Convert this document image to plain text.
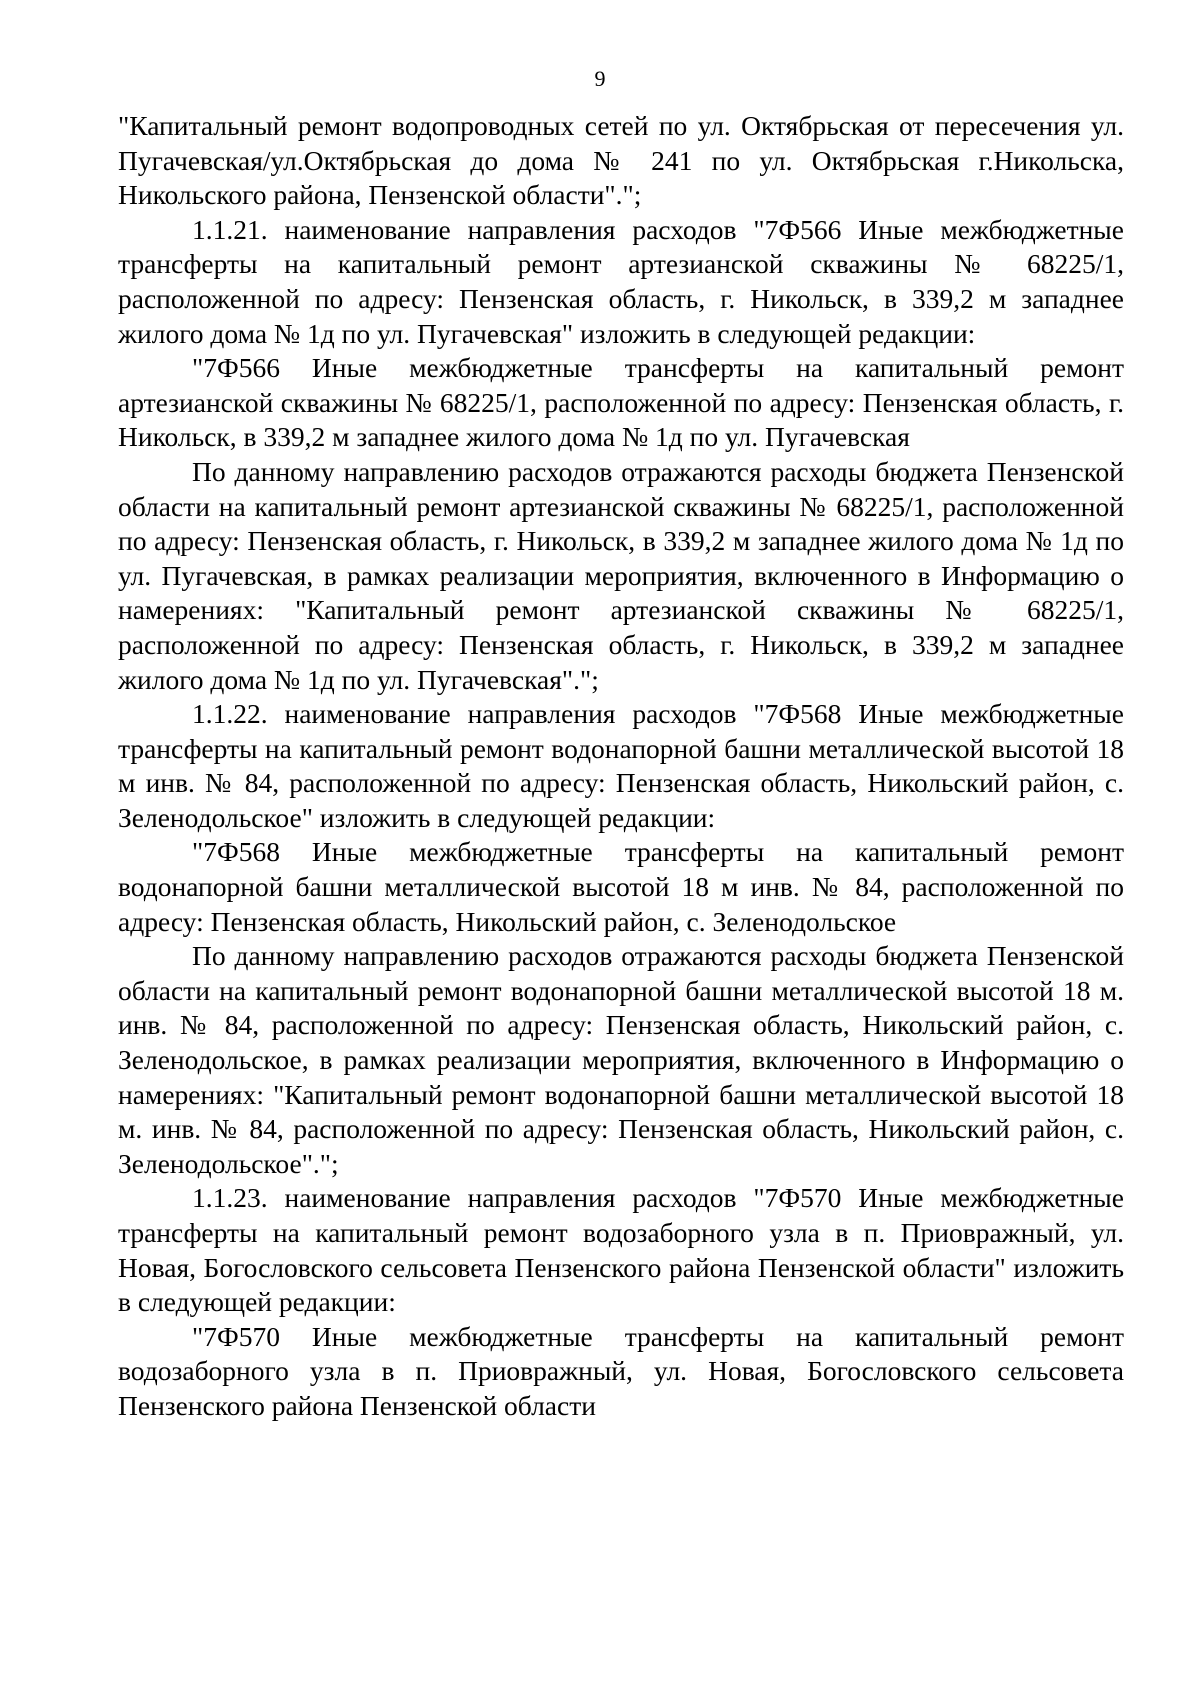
9

"Капитальный ремонт водопроводных сетей по ул. Октябрьская от пересечения ул. Пугачевская/ул.Октябрьская до дома № 241 по ул. Октябрьская г.Никольска, Никольского района, Пензенской области".";

1.1.21. наименование направления расходов "7Ф566 Иные межбюджетные трансферты на капитальный ремонт артезианской скважины № 68225/1, расположенной по адресу: Пензенская область, г. Никольск, в 339,2 м западнее жилого дома № 1д по ул. Пугачевская" изложить в следующей редакции:

"7Ф566 Иные межбюджетные трансферты на капитальный ремонт артезианской скважины № 68225/1, расположенной по адресу: Пензенская область, г. Никольск, в 339,2 м западнее жилого дома № 1д по ул. Пугачевская

По данному направлению расходов отражаются расходы бюджета Пензенской области на капитальный ремонт артезианской скважины № 68225/1, расположенной по адресу: Пензенская область, г. Никольск, в 339,2 м западнее жилого дома № 1д по ул. Пугачевская, в рамках реализации мероприятия, включенного в Информацию о намерениях: "Капитальный ремонт артезианской скважины № 68225/1, расположенной по адресу: Пензенская область, г. Никольск, в 339,2 м западнее жилого дома № 1д по ул. Пугачевская".";

1.1.22. наименование направления расходов "7Ф568 Иные межбюджетные трансферты на капитальный ремонт водонапорной башни металлической высотой 18 м инв. № 84, расположенной по адресу: Пензенская область, Никольский район, с. Зеленодольское" изложить в следующей редакции:

"7Ф568 Иные межбюджетные трансферты на капитальный ремонт водонапорной башни металлической высотой 18 м инв. № 84, расположенной по адресу: Пензенская область, Никольский район, с. Зеленодольское

По данному направлению расходов отражаются расходы бюджета Пензенской области на капитальный ремонт водонапорной башни металлической высотой 18 м. инв. № 84, расположенной по адресу: Пензенская область, Никольский район, с. Зеленодольское, в рамках реализации мероприятия, включенного в Информацию о намерениях: "Капитальный ремонт водонапорной башни металлической высотой 18 м. инв. № 84, расположенной по адресу: Пензенская область, Никольский район, с. Зеленодольское".";

1.1.23. наименование направления расходов "7Ф570 Иные межбюджетные трансферты на капитальный ремонт водозаборного узла в п. Приовражный, ул. Новая, Богословского сельсовета Пензенского района Пензенской области" изложить в следующей редакции:

"7Ф570 Иные межбюджетные трансферты на капитальный ремонт водозаборного узла в п. Приовражный, ул. Новая, Богословского сельсовета Пензенского района Пензенской области
